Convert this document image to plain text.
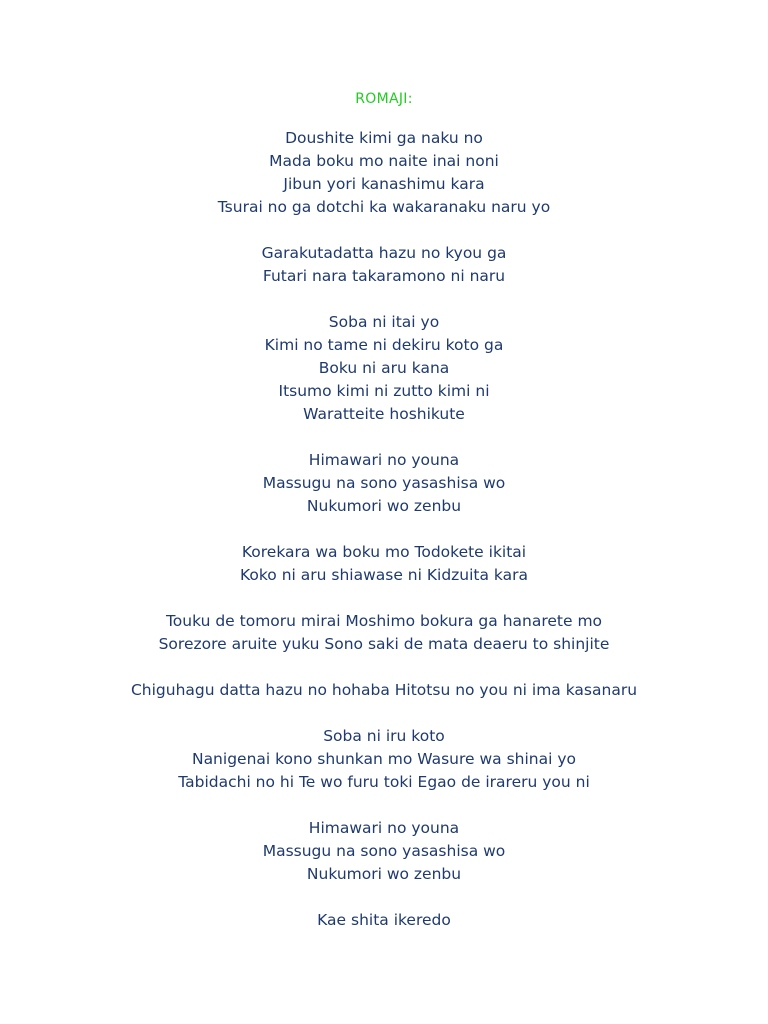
ROMAJI:
Doushite kimi ga naku no
Mada boku mo naite inai noni
Jibun yori kanashimu kara
Tsurai no ga dotchi ka wakaranaku naru yo
Garakutadatta hazu no kyou ga
Futari nara takaramono ni naru
Soba ni itai yo
Kimi no tame ni dekiru koto ga
Boku ni aru kana
Itsumo kimi ni zutto kimi ni
Waratteite hoshikute
Himawari no youna
Massugu na sono yasashisa wo
Nukumori wo zenbu
Korekara wa boku mo Todokete ikitai
Koko ni aru shiawase ni Kidzuita kara
Touku de tomoru mirai Moshimo bokura ga hanarete mo
Sorezore aruite yuku Sono saki de mata deaeru to shinjite
Chiguhagu datta hazu no hohaba Hitotsu no you ni ima kasanaru
Soba ni iru koto
Nanigenai kono shunkan mo Wasure wa shinai yo
Tabidachi no hi Te wo furu toki Egao de irareru you ni
Himawari no youna
Massugu na sono yasashisa wo
Nukumori wo zenbu
Kae shita ikeredo
